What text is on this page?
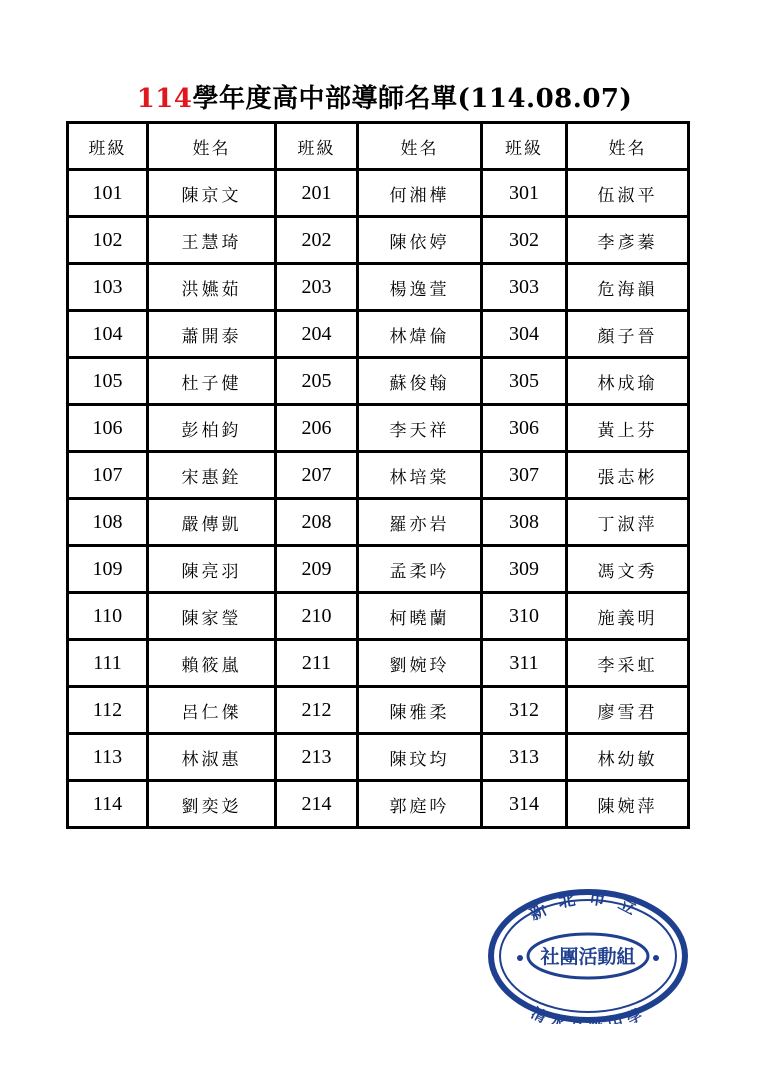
114學年度高中部導師名單(114.08.07)
班級	姓名	班級	姓名	班級	姓名
101	陳京文	201	何湘樺	301	伍淑平
102	王慧琦	202	陳依婷	302	李彥蓁
103	洪嬿茹	203	楊逸萱	303	危海韻
104	蕭開泰	204	林煒倫	304	顏子晉
105	杜子健	205	蘇俊翰	305	林成瑜
106	彭柏鈞	206	李天祥	306	黃上芬
107	宋惠銓	207	林培棠	307	張志彬
108	嚴傳凱	208	羅亦岩	308	丁淑萍
109	陳亮羽	209	孟柔吟	309	馮文秀
110	陳家瑩	210	柯曉蘭	310	施義明
111	賴筱嵐	211	劉婉玲	311	李采虹
112	呂仁傑	212	陳雅柔	312	廖雪君
113	林淑惠	213	陳玟均	313	林幼敏
114	劉奕彣	214	郭庭吟	314	陳婉萍
新北市立
社團活動組
清水 中學
